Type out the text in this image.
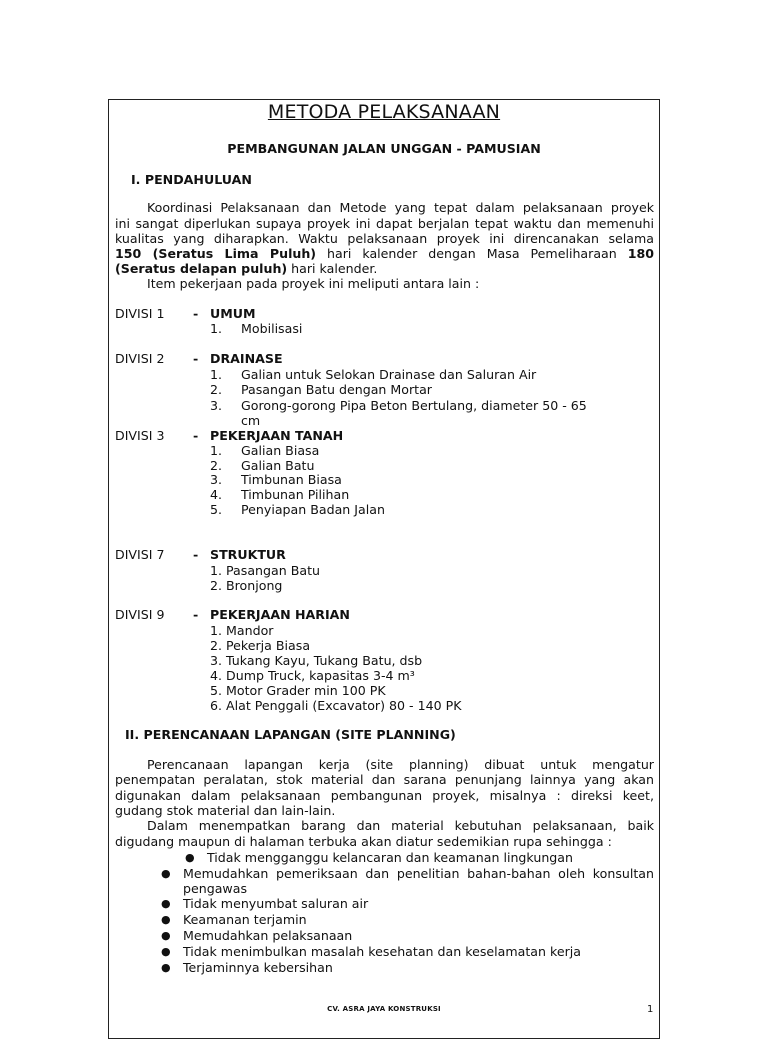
METODA PELAKSANAAN
PEMBANGUNAN JALAN UNGGAN - PAMUSIAN
I. PENDAHULUAN
Koordinasi Pelaksanaan dan Metode yang tepat dalam pelaksanaan proyek
ini sangat diperlukan supaya proyek ini dapat berjalan tepat waktu dan memenuhi
kualitas yang diharapkan. Waktu pelaksanaan proyek ini direncanakan selama
150 (Seratus Lima Puluh) hari kalender dengan Masa Pemeliharaan 180
(Seratus delapan puluh) hari kalender.
Item pekerjaan pada proyek ini meliputi antara lain :
DIVISI 1 - UMUM
1. Mobilisasi
DIVISI 2 - DRAINASE
1. Galian untuk Selokan Drainase dan Saluran Air
2. Pasangan Batu dengan Mortar
3. Gorong-gorong Pipa Beton Bertulang, diameter 50 - 65
cm
DIVISI 3 - PEKERJAAN TANAH
1. Galian Biasa
2. Galian Batu
3. Timbunan Biasa
4. Timbunan Pilihan
5. Penyiapan Badan Jalan
DIVISI 7 - STRUKTUR
1. Pasangan Batu
2. Bronjong
DIVISI 9 - PEKERJAAN HARIAN
1. Mandor
2. Pekerja Biasa
3. Tukang Kayu, Tukang Batu, dsb
4. Dump Truck, kapasitas 3-4 m³
5. Motor Grader min 100 PK
6. Alat Penggali (Excavator) 80 - 140 PK
II. PERENCANAAN LAPANGAN (SITE PLANNING)
Perencanaan lapangan kerja (site planning) dibuat untuk mengatur
penempatan peralatan, stok material dan sarana penunjang lainnya yang akan
digunakan dalam pelaksanaan pembangunan proyek, misalnya : direksi keet,
gudang stok material dan lain-lain.
Dalam menempatkan barang dan material kebutuhan pelaksanaan, baik
digudang maupun di halaman terbuka akan diatur sedemikian rupa sehingga :
● Tidak mengganggu kelancaran dan keamanan lingkungan
● Memudahkan pemeriksaan dan penelitian bahan-bahan oleh konsultan
pengawas
● Tidak menyumbat saluran air
● Keamanan terjamin
● Memudahkan pelaksanaan
● Tidak menimbulkan masalah kesehatan dan keselamatan kerja
● Terjaminnya kebersihan
CV. ASRA JAYA KONSTRUKSI	1
